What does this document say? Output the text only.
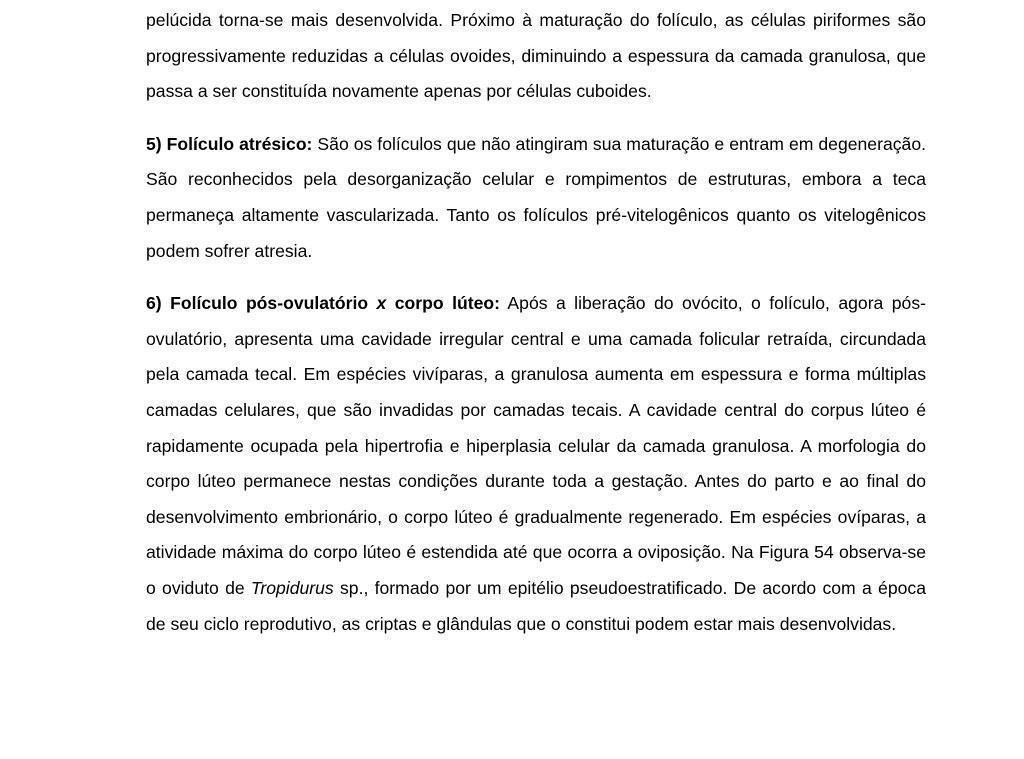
pelúcida torna-se mais desenvolvida. Próximo à maturação do folículo, as células piriformes são progressivamente reduzidas a células ovoides, diminuindo a espessura da camada granulosa, que passa a ser constituída novamente apenas por células cuboides.

5) Folículo atrésico: São os folículos que não atingiram sua maturação e entram em degeneração. São reconhecidos pela desorganização celular e rompimentos de estruturas, embora a teca permaneça altamente vascularizada. Tanto os folículos pré-vitelogênicos quanto os vitelogênicos podem sofrer atresia.

6) Folículo pós-ovulatório x corpo lúteo: Após a liberação do ovócito, o folículo, agora pós-ovulatório, apresenta uma cavidade irregular central e uma camada folicular retraída, circundada pela camada tecal. Em espécies vivíparas, a granulosa aumenta em espessura e forma múltiplas camadas celulares, que são invadidas por camadas tecais. A cavidade central do corpus lúteo é rapidamente ocupada pela hipertrofia e hiperplasia celular da camada granulosa. A morfologia do corpo lúteo permanece nestas condições durante toda a gestação. Antes do parto e ao final do desenvolvimento embrionário, o corpo lúteo é gradualmente regenerado. Em espécies ovíparas, a atividade máxima do corpo lúteo é estendida até que ocorra a oviposição. Na Figura 54 observa-se o oviduto de Tropidurus sp., formado por um epitélio pseudoestratificado. De acordo com a época de seu ciclo reprodutivo, as criptas e glândulas que o constitui podem estar mais desenvolvidas.
